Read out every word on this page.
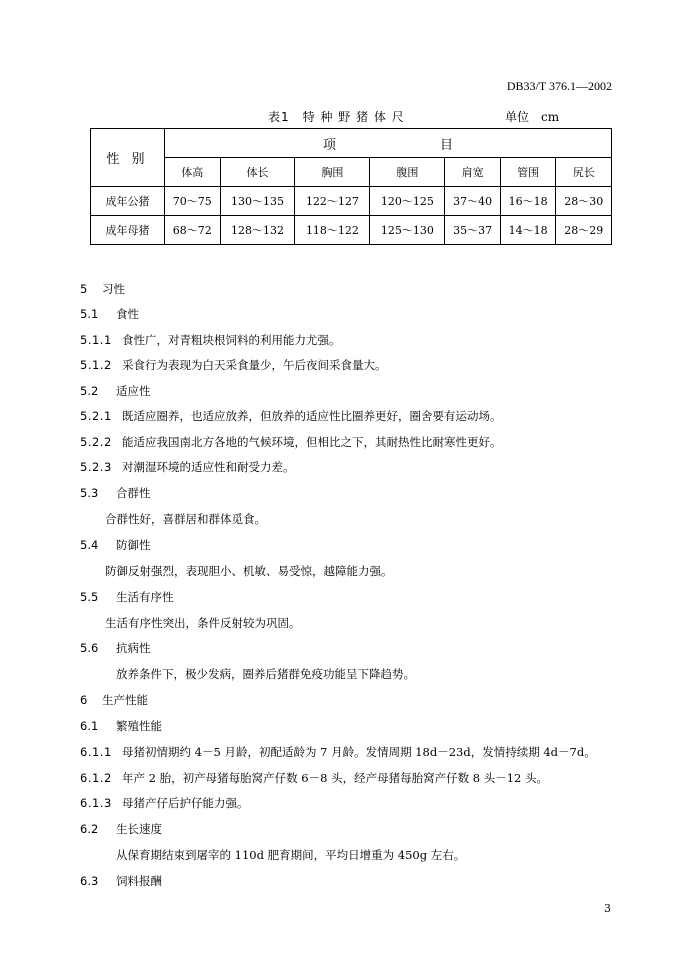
DB33/T 376.1—2002
表1　特 种 野 猪 体 尺	单位　cm
性 别	项　　　　　　　　目						
	体高	体长	胸围	腹围	肩宽	管围	尻长
成年公猪	70～75	130～135	122～127	120～125	37～40	16～18	28～30
成年母猪	68～72	128～132	118～122	125～130	35～37	14～18	28～29
5 习性
5.1 食性
5.1.1 食性广，对青粗块根饲料的利用能力尤强。
5.1.2 采食行为表现为白天采食量少，午后夜间采食量大。
5.2 适应性
5.2.1 既适应圈养，也适应放养，但放养的适应性比圈养更好，圈舍要有运动场。
5.2.2 能适应我国南北方各地的气候环境，但相比之下，其耐热性比耐寒性更好。
5.2.3 对潮湿环境的适应性和耐受力差。
5.3 合群性
合群性好，喜群居和群体觅食。
5.4 防御性
防御反射强烈，表现胆小、机敏、易受惊，越障能力强。
5.5 生活有序性
生活有序性突出，条件反射较为巩固。
5.6 抗病性
放养条件下，极少发病，圈养后猪群免疫功能呈下降趋势。
6 生产性能
6.1 繁殖性能
6.1.1 母猪初情期约 4－5 月龄，初配适龄为 7 月龄。发情周期 18d－23d，发情持续期 4d－7d。
6.1.2 年产 2 胎，初产母猪每胎窝产仔数 6－8 头，经产母猪每胎窝产仔数 8 头－12 头。
6.1.3 母猪产仔后护仔能力强。
6.2 生长速度
从保育期结束到屠宰的 110d 肥育期间，平均日增重为 450g 左右。
6.3 饲料报酬
3
